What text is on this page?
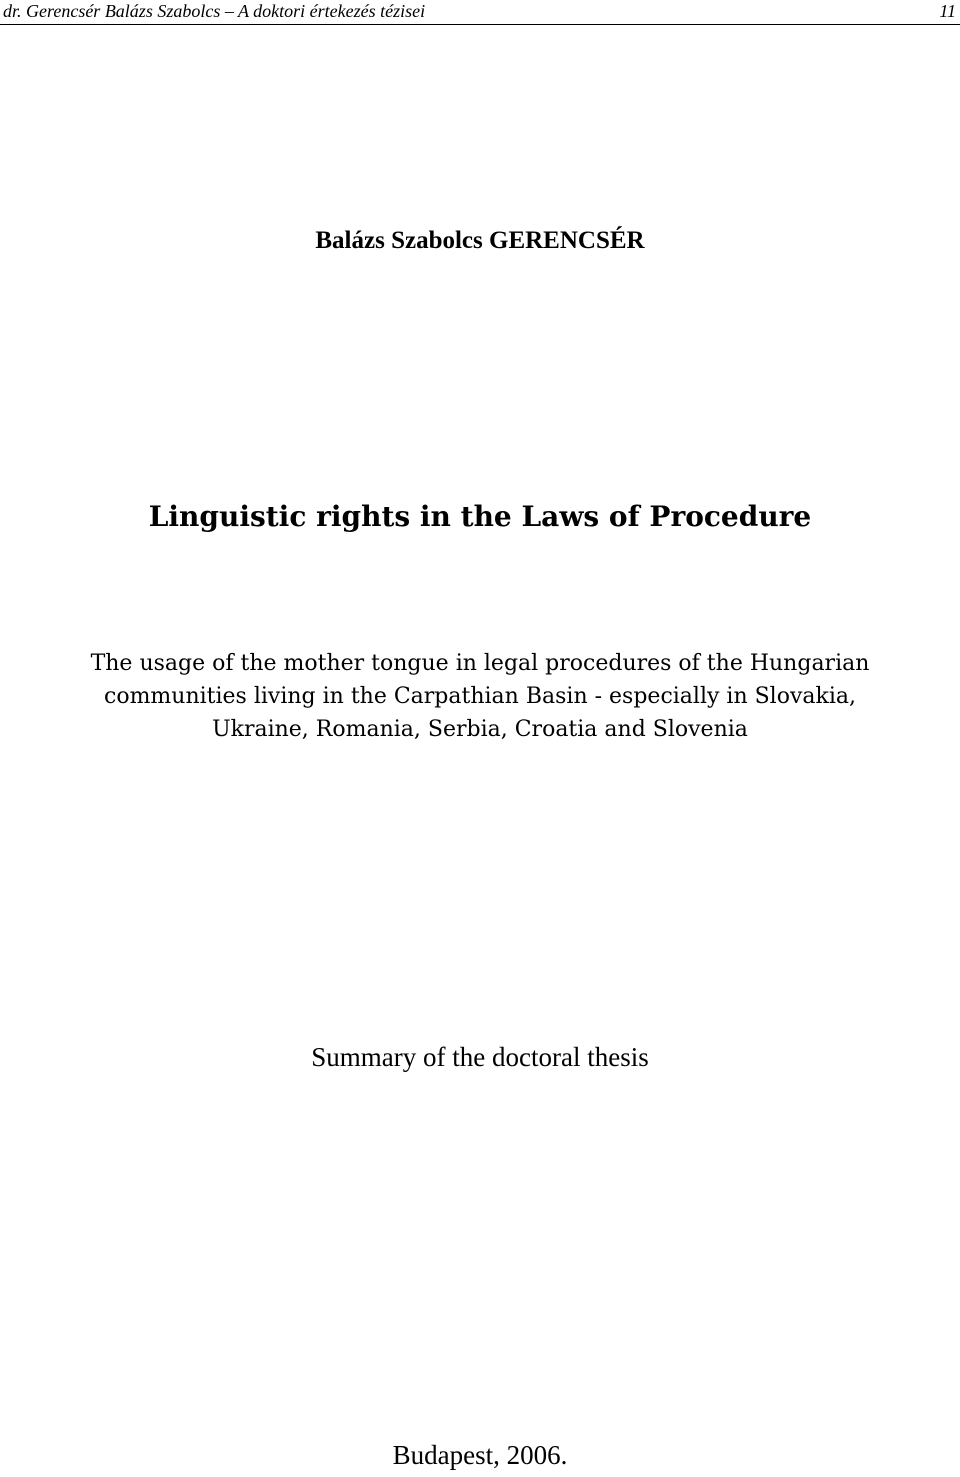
dr. Gerencsér Balázs Szabolcs – A doktori értekezés tézisei	11
Balázs Szabolcs GERENCSÉR
Linguistic rights in the Laws of Procedure
The usage of the mother tongue in legal procedures of the Hungarian
communities living in the Carpathian Basin - especially in Slovakia,
Ukraine, Romania, Serbia, Croatia and Slovenia
Summary of the doctoral thesis
Budapest, 2006.
